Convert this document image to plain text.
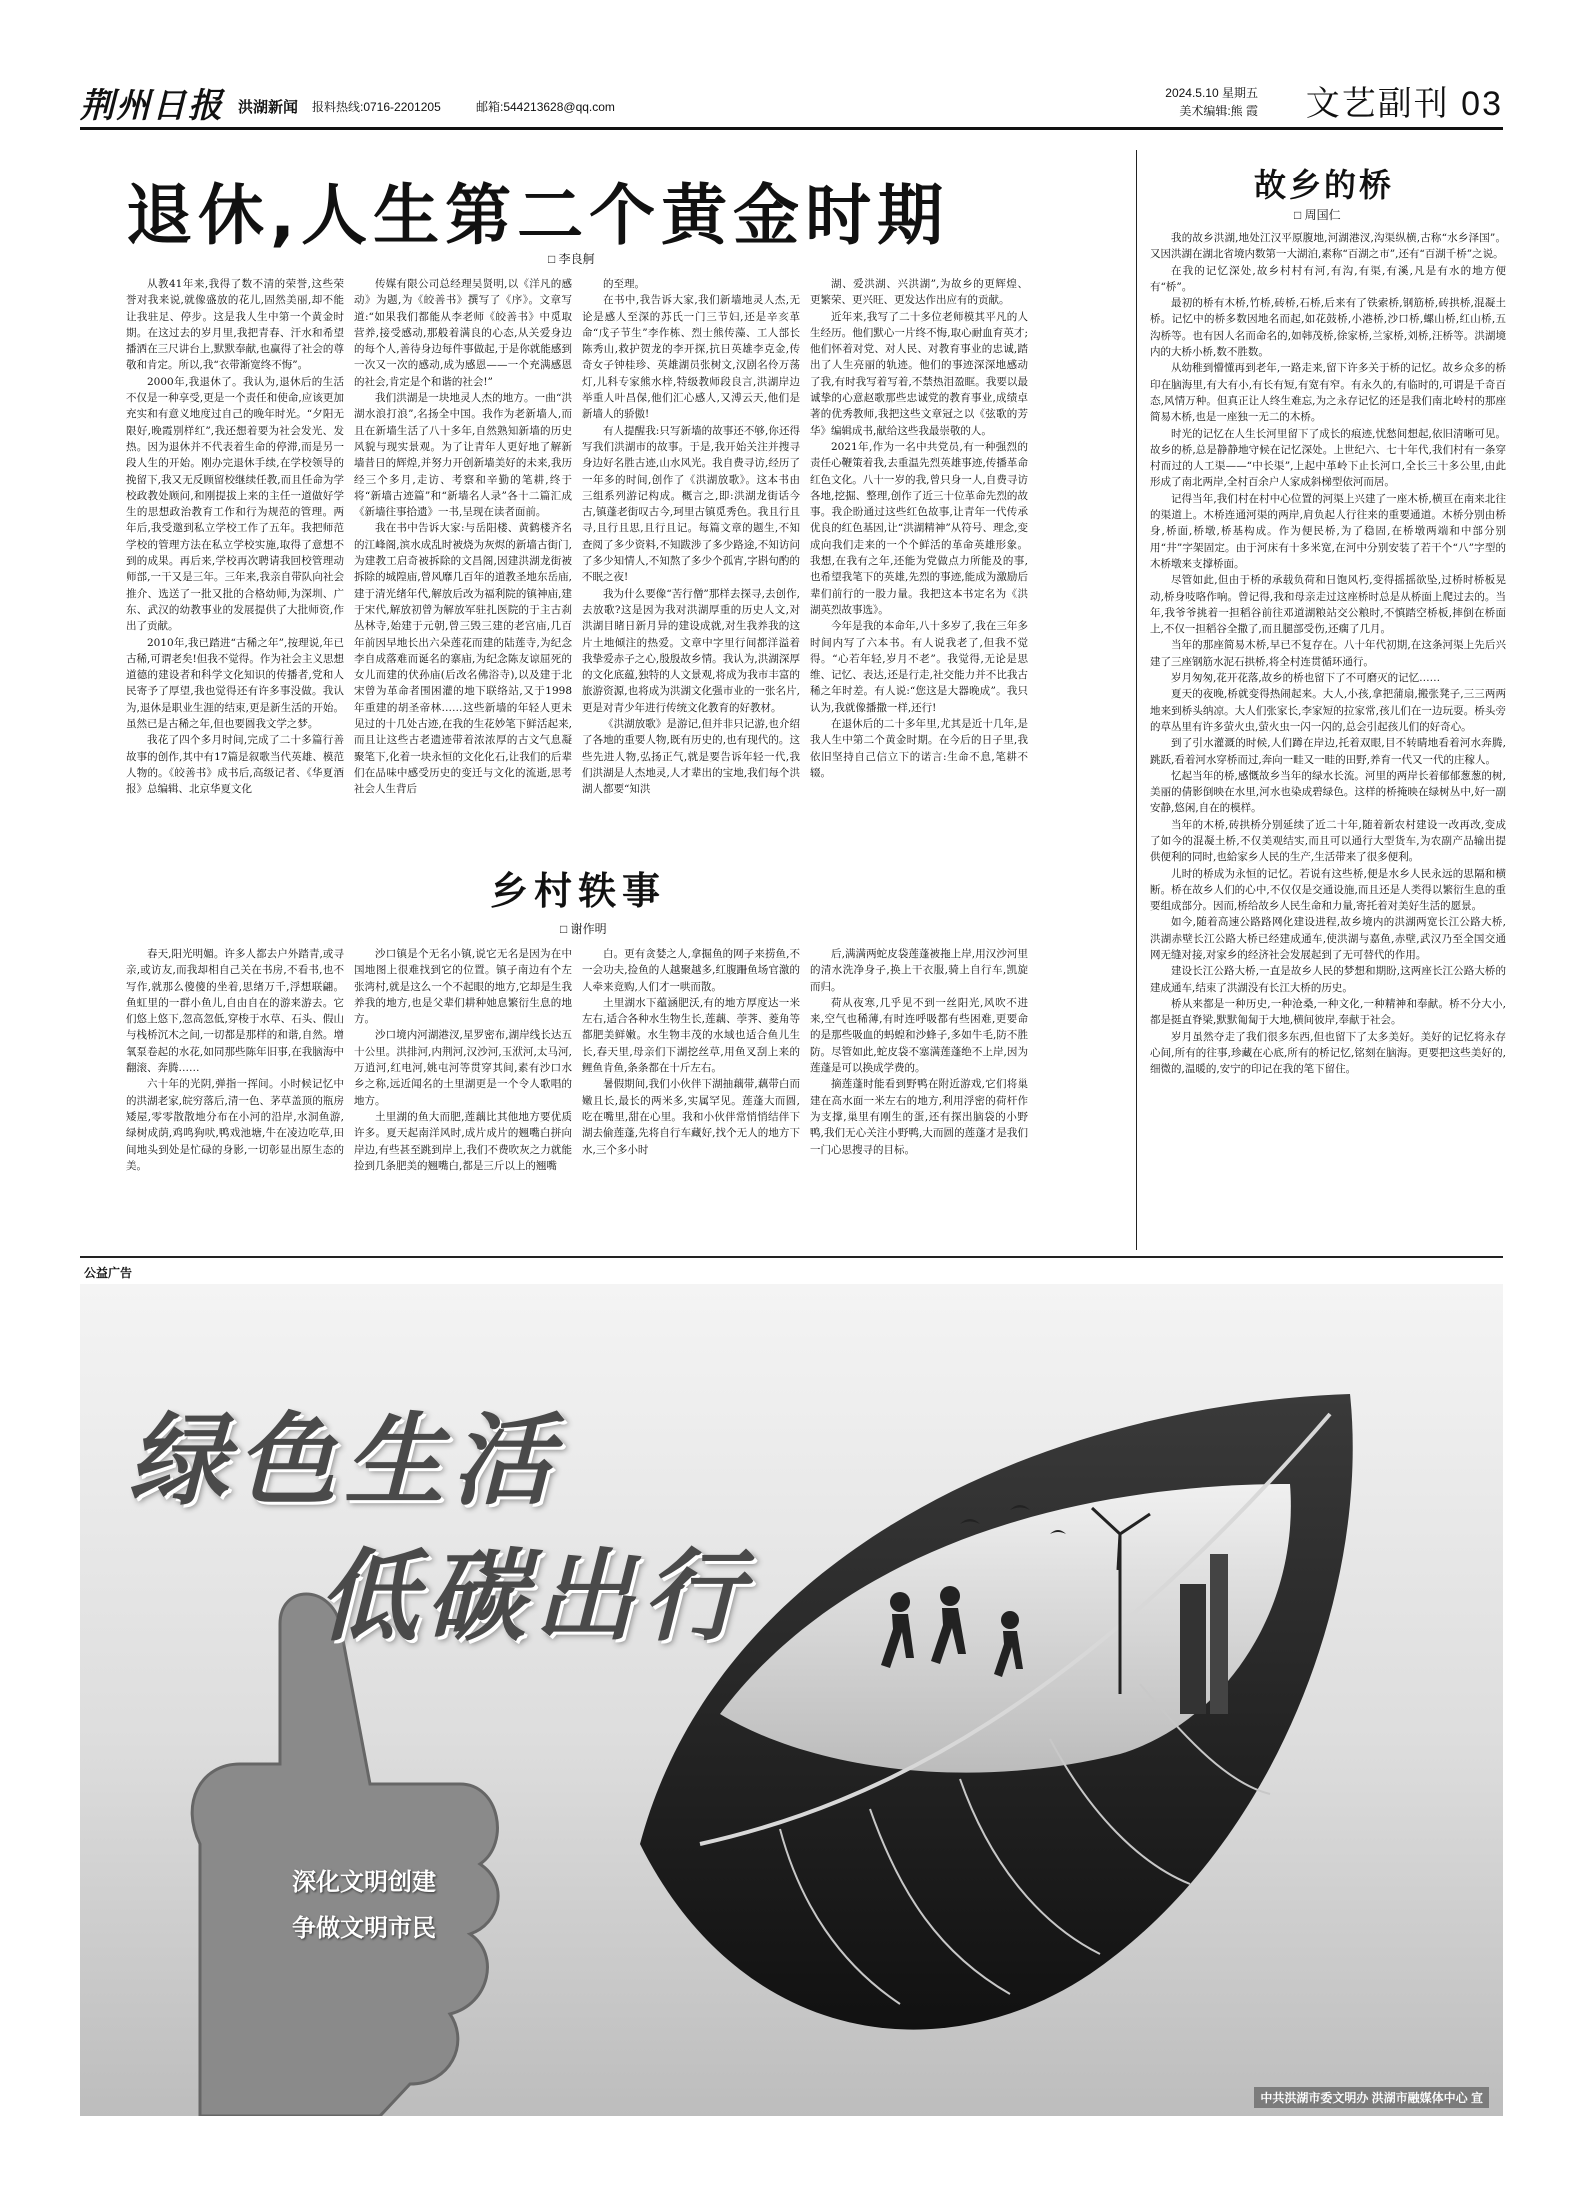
荆州日报 洪湖新闻 报料热线:0716-2201205	邮箱:544213628@qq.com
2024.5.10 星期五
美术编辑:熊 霞 文艺副刊 03
退休,人生第二个黄金时期
□ 李良舸

从教41年来,我得了数不清的荣誉,这些荣誉对我来说,就像盛放的花儿,固然美丽,却不能让我驻足、停步。这是我人生中第一个黄金时期。在这过去的岁月里,我把青春、汗水和希望播洒在三尺讲台上,默默奉献,也赢得了社会的尊敬和肯定。所以,我“衣带渐宽终不悔”。

2000年,我退休了。我认为,退休后的生活不仅是一种享受,更是一个责任和使命,应该更加充实和有意义地度过自己的晚年时光。“夕阳无限好,晚霞别样红”,我还想着要为社会发光、发热。因为退休并不代表着生命的停滞,而是另一段人生的开始。刚办完退休手续,在学校领导的挽留下,我又无反顾留校继续任教,而且任命为学校政教处顾问,和刚提拔上来的主任一道做好学生的思想政治教育工作和行为规范的管理。两年后,我受邀到私立学校工作了五年。我把师范学校的管理方法在私立学校实施,取得了意想不到的成果。再后来,学校再次聘请我回校管理动师部,一干又是三年。三年来,我亲自带队向社会推介、选送了一批又批的合格幼师,为深圳、广东、武汉的幼教事业的发展提供了大批师资,作出了贡献。

2010年,我已踏进“古稀之年”,按理说,年已古稀,可谓老矣!但我不觉得。作为社会主义思想道德的建设者和科学文化知识的传播者,党和人民寄予了厚望,我也觉得还有许多事没做。我认为,退休是职业生涯的结束,更是新生活的开始。虽然已是古稀之年,但也要圆我文学之梦。

我花了四个多月时间,完成了二十多篇行善故事的创作,其中有17篇是叙歌当代英雄、模范人物的。《皎善书》成书后,高级记者、《华夏酒报》总编辑、北京华夏文化

传媒有限公司总经理吴贤明,以《洋凡的感动》为题,为《皎善书》撰写了《序》。文章写道:“如果我们都能从李老师《皎善书》中觅取营养,接受感动,那般着满良的心态,从关爱身边的每个人,善待身边每件事做起,于是你就能感到一次又一次的感动,成为感恩——一个充满感恩的社会,肯定是个和谐的社会!”

我们洪湖是一块地灵人杰的地方。一曲“洪湖水浪打浪”,名扬全中国。我作为老新墙人,而且在新墙生活了八十多年,自然熟知新墙的历史风貌与现实景观。为了让青年人更好地了解新墙昔日的辉煌,并努力开创新墙美好的未来,我历经三个多月,走访、考察和辛勤的笔耕,终于将“新墙古迹篇”和“新墙名人录”各十二篇汇成《新墙往事拾遗》一书,呈现在读者面前。

我在书中告诉大家:与岳阳楼、黄鹤楼齐名的江峰阁,滨水成乱时被烧为灰烬的新墙古街门,为建教工启奇被拆除的文昌阁,因建洪湖龙街被拆除的城隍庙,曾风靡几百年的道教圣地东岳庙,建于清光绪年代,解放后改为福利院的镇神庙,建于宋代,解放初曾为解放军驻扎医院的于主古刹丛林寺,始建于元朝,曾三毁三建的老宫庙,几百年前因早地长出六朵莲花而建的陆莲寺,为纪念李自成落难而诞名的寨庙,为纪念陈友谅屈死的女儿而建的伏孙庙(后改名佛浴寺),以及建于北宋曾为革命者围困灌的地下联络站,又于1998年重建的胡圣帝林……这些新墙的年轻人更未见过的十几处古迹,在我的生花妙笔下鲜活起来,而且让这些古老遗迹带着浓浓厚的古文气息凝聚笔下,化着一块永恒的文化化石,让我们的后辈们在品味中感受历史的变迁与文化的流逝,思考社会人生背后

的至理。

在书中,我告诉大家,我们新墙地灵人杰,无论是感人至深的苏氏一门三节妇,还是辛亥革命“戊子节生”李作栋、烈士熊传藻、工人部长陈秀山,救护贺龙的李开探,抗日英雄李克金,传奇女子钟桂珍、英雄湖员张树文,汉剧名伶万荡灯,儿科专家熊水梓,特级教师段良言,洪湖岸边举重人叶昌保,他们汇心感人,又溥云天,他们是新墙人的骄傲!

有人提醒我:只写新墙的故事还不够,你还得写我们洪湖市的故事。于是,我开始关注并搜寻身边好名胜古迹,山水风光。我自费寻访,经历了一年多的时间,创作了《洪湖放歌》。这本书由三组系列游记构成。概言之,即:洪湖龙街话今古,镇蓬老街叹古今,珂里古镇觅秀色。我且行且寻,且行且思,且行且记。每篇文章的题生,不知查阅了多少资料,不知跋涉了多少路途,不知访问了多少知情人,不知熬了多少个孤宵,字斟句酌的不眠之夜!

我为什么要像“苦行僧”那样去探寻,去创作,去放歌?这是因为我对洪湖厚重的历史人文,对洪湖目睹日新月异的建设成就,对生我养我的这片土地倾注的热爱。文章中字里行间都洋溢着我挚爱赤子之心,殷殷故乡情。我认为,洪湖深厚的文化底蕴,独特的人文景观,将成为我市丰富的旅游资源,也将成为洪湖文化强市业的一张名片,更是对青少年进行传统文化教育的好教材。

《洪湖放歌》是游记,但并非只记游,也介绍了各地的重要人物,既有历史的,也有现代的。这些先进人物,弘扬正气,就是要告诉年轻一代,我们洪湖是人杰地灵,人才辈出的宝地,我们每个洪湖人都要“知洪

湖、爱洪湖、兴洪湖”,为故乡的更辉煌、更繁荣、更兴旺、更发达作出应有的贡献。

近年来,我写了二十多位老师模其平凡的人生经历。他们默心一片终不悔,取心耐血育英才;他们怀着对党、对人民、对教育事业的忠诚,踏出了人生亮丽的轨迹。他们的事迹深深地感动了我,有时我写着写着,不禁热泪盈眶。我要以最诚挚的心意赵歌那些忠诚党的教育事业,成绩卓著的优秀教师,我把这些文章冠之以《弦歌的芳华》编辑成书,献给这些我最崇敬的人。

2021年,作为一名中共党员,有一种强烈的责任心鞭策着我,去重温先烈英雄事迹,传播革命红色文化。八十一岁的我,曾只身一人,自费寻访各地,挖掘、整理,创作了近三十位革命先烈的故事。我企盼通过这些红色故事,让青年一代传承优良的红色基因,让“洪湖精神”从符号、理念,变成向我们走来的一个个鲜活的革命英雄形象。我想,在我有之年,还能为党做点力所能及的事,也希望我笔下的英雄,先烈的事迹,能成为激励后辈们前行的一股力量。我把这本书定名为《洪湖英烈故事选》。

今年是我的本命年,八十多岁了,我在三年多时间内写了六本书。有人说我老了,但我不觉得。“心若年轻,岁月不老”。我觉得,无论是思维、记忆、表达,还是行走,社交能力并不比我古稀之年时差。有人说:“您这是大器晚成”。我只认为,我就像播撒一样,还行!

在退休后的二十多年里,尤其是近十几年,是我人生中第二个黄金时期。在今后的日子里,我依旧坚持自己信立下的诺言:生命不息,笔耕不辍。

故乡的桥
□ 周国仁

我的故乡洪湖,地处江汉平原腹地,河湖港汊,沟渠纵横,古称“水乡泽国”。又因洪湖在湖北省境内数第一大湖泊,素称“百湖之市”,还有“百湖千桥”之说。

在我的记忆深处,故乡村村有河,有沟,有渠,有溪,凡是有水的地方便有“桥”。

最初的桥有木桥,竹桥,砖桥,石桥,后来有了铁索桥,钢筋桥,砖拱桥,混凝土桥。记忆中的桥多数因地名而起,如花鼓桥,小港桥,沙口桥,螺山桥,红山桥,五沟桥等。也有因人名而命名的,如韩茂桥,徐家桥,兰家桥,刘桥,汪桥等。洪湖境内的大桥小桥,数不胜数。

从幼稚到懵懂再到老年,一路走来,留下许多关于桥的记忆。故乡众多的桥印在脑海里,有大有小,有长有短,有宽有窄。有永久的,有临时的,可谓是千奇百态,风情万种。但真正让人终生难忘,为之永存记忆的还是我们南北岭村的那座简易木桥,也是一座独一无二的木桥。

时光的记忆在人生长河里留下了成长的痕迹,忧愁间想起,依旧清晰可见。故乡的桥,总是静静地守候在记忆深处。上世纪六、七十年代,我们村有一条穿村而过的人工渠——“中长渠”,上起中革岭下止长河口,全长三十多公里,由此形成了南北两岸,全村百余户人家成斜梯型依河而居。

记得当年,我们村在村中心位置的河渠上兴建了一座木桥,横亘在南来北往的渠道上。木桥连通河渠的两岸,肩负起人行往来的重要通道。木桥分别由桥身,桥面,桥墩,桥基构成。作为便民桥,为了稳固,在桥墩两端和中部分别用“井”字架固定。由于河床有十多米宽,在河中分别安装了若干个“八”字型的木桥墩来支撑桥面。

尽管如此,但由于桥的承载负荷和日饱风朽,变得摇摇欲坠,过桥时桥板晃动,桥身吱咯作响。曾记得,我和母亲走过这座桥时总是从桥面上爬过去的。当年,我爷爷挑着一担稻谷前往邓道湖粮站交公粮时,不慎踏空桥板,摔倒在桥面上,不仅一担稻谷全撒了,而且腿部受伤,还瘸了几月。

当年的那座简易木桥,早已不复存在。八十年代初期,在这条河渠上先后兴建了三座钢筋水泥石拱桥,将全村连贯循环通行。

岁月匆匆,花开花落,故乡的桥也留下了不可磨灭的记忆……

夏天的夜晚,桥就变得热闹起来。大人,小孩,拿把蒲扇,搬张凳子,三三两两地来到桥头纳凉。大人们张家长,李家短的拉家常,孩儿们在一边玩耍。桥头旁的草丛里有许多萤火虫,萤火虫一闪一闪的,总会引起孩儿们的好奇心。

到了引水灌溉的时候,人们蹲在岸边,托着双眼,目不转睛地看着河水奔腾,跳跃,看着河水穿桥而过,奔向一畦又一畦的田野,养育一代又一代的庄稼人。

忆起当年的桥,感慨故乡当年的绿水长流。河里的两岸长着郁郁葱葱的树,美丽的倩影倒映在水里,河水也染成碧绿色。这样的桥掩映在绿树丛中,好一副安静,悠闲,自在的模样。

当年的木桥,砖拱桥分别延续了近二十年,随着新农村建设一改再改,变成了如今的混凝土桥,不仅美观结实,而且可以通行大型货车,为农副产品输出提供便利的同时,也給家乡人民的生产,生活带来了很多便利。

儿时的桥成为永恒的记忆。若说有这些桥,便是水乡人民永远的思隔和横断。桥在故乡人们的心中,不仅仅是交通设施,而且还是人类得以繁衍生息的重要组成部分。因而,桥给故乡人民生命和力量,寄托着对美好生活的愿景。

如今,随着高速公路路网化建设进程,故乡境内的洪湖两宽长江公路大桥,洪湖赤壁长江公路大桥已经建成通车,使洪湖与嘉鱼,赤壁,武汉乃至全国交通网无缝对接,对家乡的经济社会发展起到了无可替代的作用。

建设长江公路大桥,一直是故乡人民的梦想和期盼,这两座长江公路大桥的建成通车,结束了洪湖没有长江大桥的历史。

桥从来都是一种历史,一种沧桑,一种文化,一种精神和奉献。桥不分大小,都是挺直脊梁,默默匍匐于大地,横间彼岸,奉献于社会。

岁月虽然夺走了我们很多东西,但也留下了太多美好。美好的记忆将永存心间,所有的往事,珍藏在心底,所有的桥记忆,铭刻在脑海。更要把这些美好的,细微的,温暖的,安宁的印记在我的笔下留住。

乡村轶事
□ 谢作明

春天,阳光明媚。许多人都去户外踏青,或寻亲,或访友,而我却相自己关在书房,不看书,也不写作,就那么傻傻的坐着,思绪万千,浮想联翩。鱼虹里的一群小鱼儿,自由自在的游来游去。它们悠上悠下,忽高忽低,穿梭于水草、石头、假山与栈桥沉木之间,一切都是那样的和谐,自然。增氧泵卷起的水花,如同那些陈年旧事,在我脑海中翻滚、奔腾……

六十年的光阴,弹指一挥间。小时候记忆中的洪湖老家,皖穷落后,清一色、茅草盖顶的瓶房矮屋,零零散散地分布在小河的沿岸,水洞鱼游,绿树成荫,鸡鸣狗吠,鸭戏池塘,牛在凌边吃草,田间地头到处是忙碌的身影,一切彰显出原生态的美。

沙口镇是个无名小镇,说它无名是因为在中国地图上很难找到它的位置。镇子南边有个左张湾村,就是这么一个不起眼的地方,它却是生我养我的地方,也是父辈们耕种她息繁衍生息的地方。

沙口境内河湖港汊,星罗密布,湖岸线长达五十公里。洪排河,内荆河,汉沙河,玉洑河,太马河,万逍河,红电河,姚屯河等贯穿其间,素有沙口水乡之称,远近闻名的土里湖更是一个令人歌唱的地方。

土里湖的鱼大而肥,莲藕比其他地方要优质许多。夏天起南洋风时,成片成片的翘嘴白拼向岸边,有些甚至跳到岸上,我们不费吹灰之力就能捡到几条肥美的翘嘴白,都是三斤以上的翘嘴

白。更有贪婪之人,拿掘鱼的网子来捞鱼,不一会功夫,捡鱼的人越聚越多,红腹跚鱼场官激的人牵来竟购,人们才一哄而散。

土里湖水下蕴涵肥沃,有的地方厚度达一米左右,适合各种水生物生长,莲藕、荸荠、菱角等都肥美鲜嫩。水生物丰茂的水域也适合鱼儿生长,春天里,母亲们下湖挖丝草,用鱼叉刮上来的鲤鱼肯鱼,条条都在十斤左右。

暑假期间,我们小伙伴下湖抽藕带,藕带白而嫩且长,最长的两米多,实属罕见。莲蓬大而圆,吃在嘴里,甜在心里。我和小伙伴常悄悄结伴下湖去偷莲蓬,先将自行车藏好,找个无人的地方下水,三个多小时

后,满满两蛇皮袋莲蓬被拖上岸,用汉沙河里的清水洗净身子,换上干衣服,骑上自行车,凯旋而归。

荷从夜寒,几乎见不到一丝阳光,风吹不进来,空气也稀薄,有时连呼吸都有些困难,更要命的是那些吸血的蚂蝗和沙蜂子,多如牛毛,防不胜防。尽管如此,蛇皮袋不塞满莲蓬绝不上岸,因为莲蓬是可以换成学费的。

摘莲蓬时能看到野鸭在附近游戏,它们将巢建在高水面一米左右的地方,利用浮密的荷杆作为支撑,巢里有刚生的蛋,还有探出脑袋的小野鸭,我们无心关注小野鸭,大而圆的莲蓬才是我们一门心思搜寻的目标。

公益广告
绿色生活
低碳出行
深化文明创建
争做文明市民
中共洪湖市委文明办 洪湖市融媒体中心 宣
